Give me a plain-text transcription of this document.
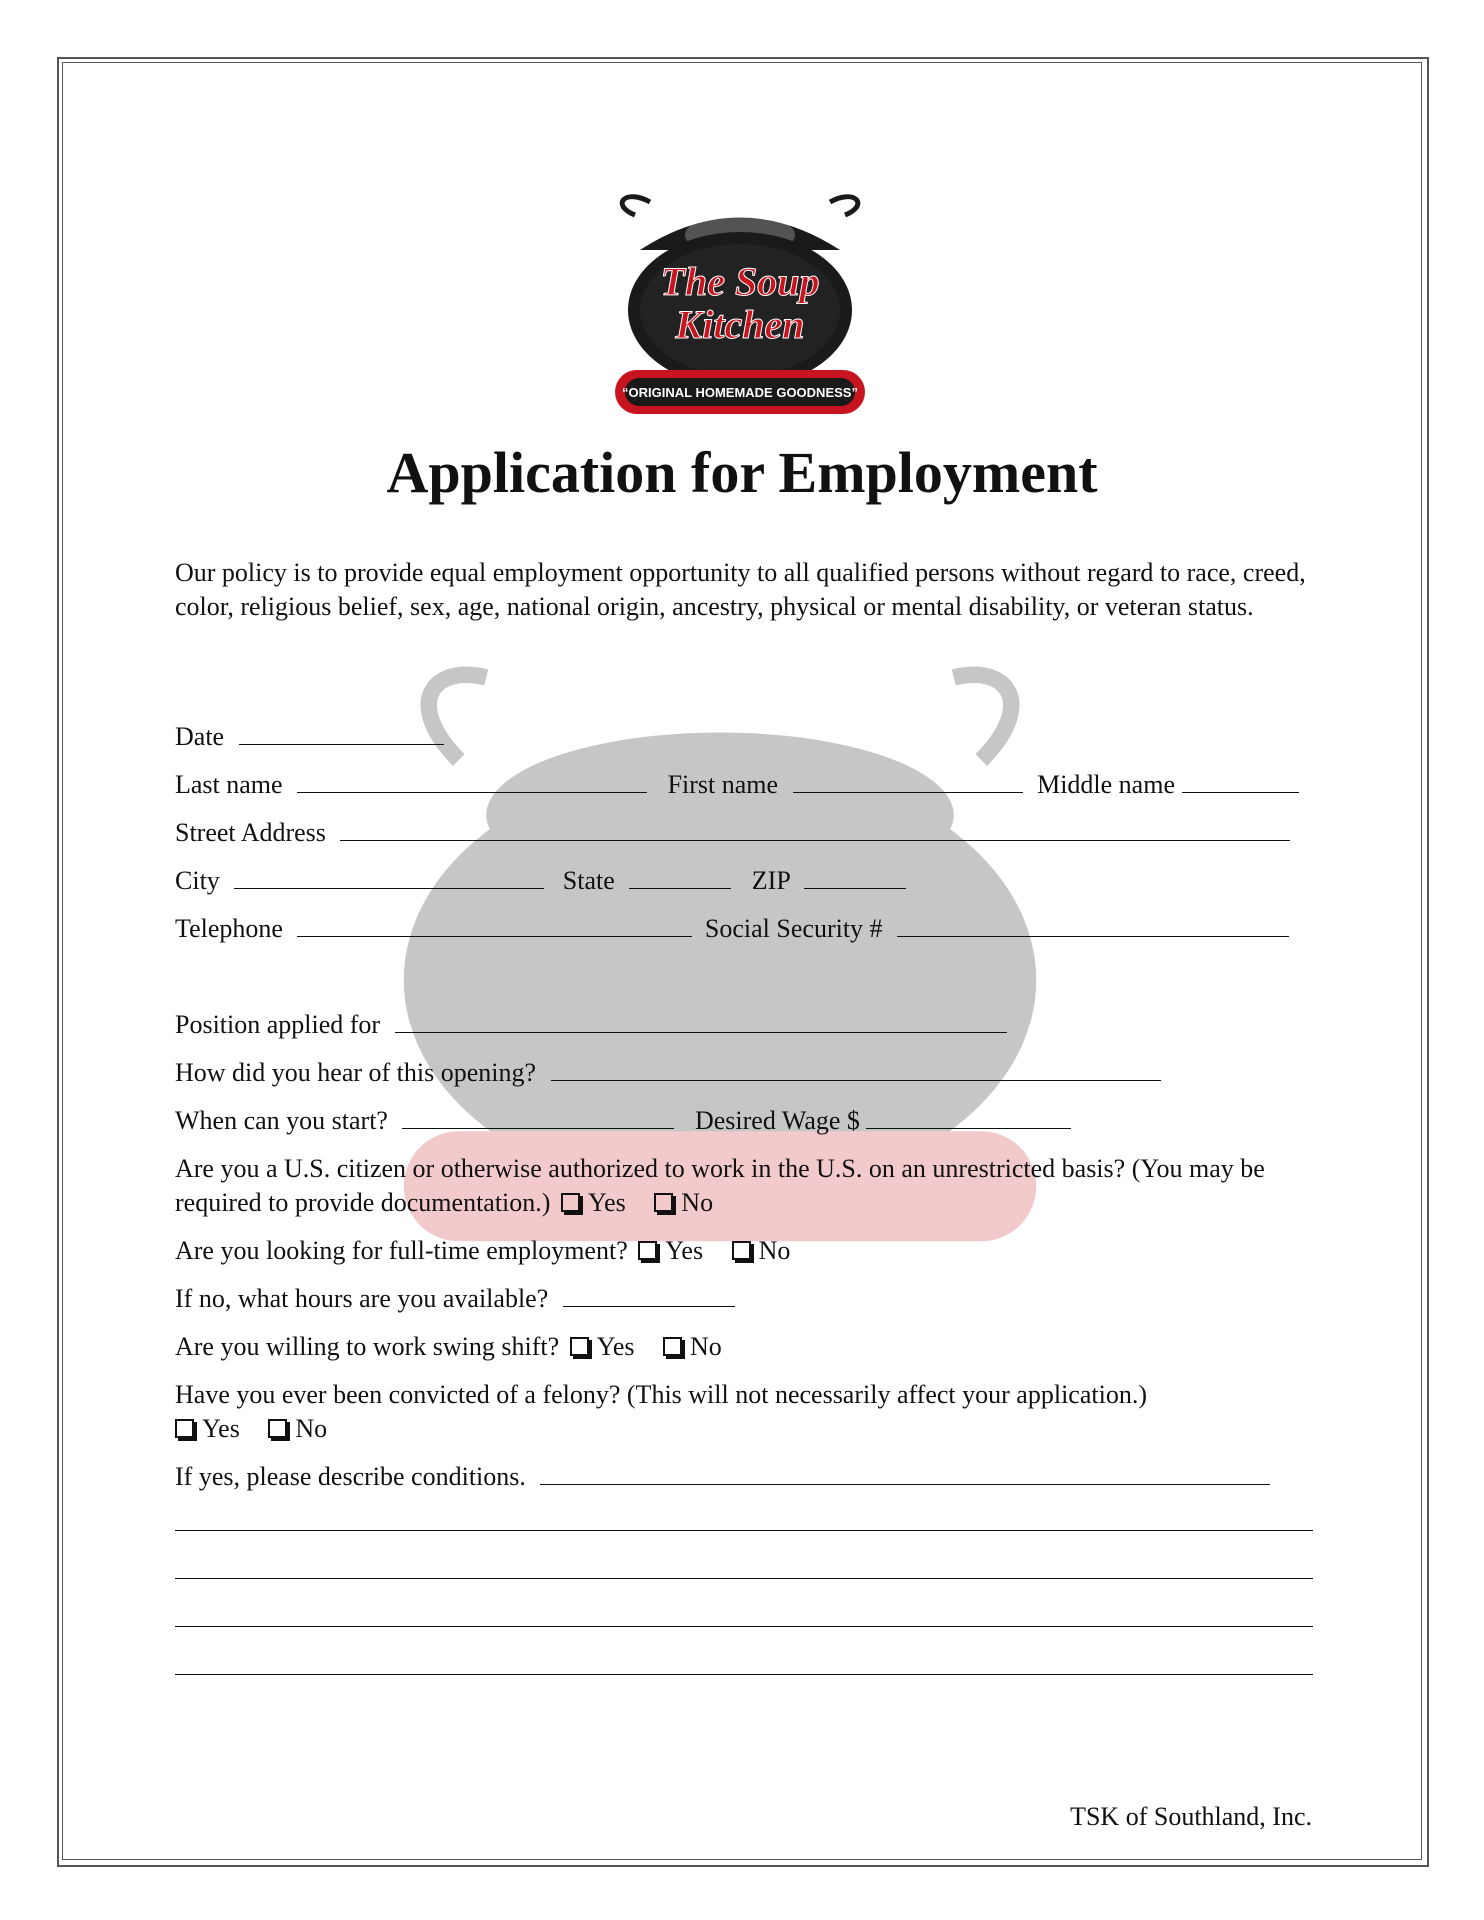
The Soup
Kitchen
“ORIGINAL HOMEMADE GOODNESS”
Application for Employment

Our policy is to provide equal employment opportunity to all qualified persons without regard to race, creed, color, religious belief, sex, age, national origin, ancestry, physical or mental disability, or veteran status.

Date
Last name	First name	Middle name
Street Address
City	State	ZIP
Telephone	Social Security #
Position applied for
How did you hear of this opening?
When can you start?	Desired Wage $
Are you a U.S. citizen or otherwise authorized to work in the U.S. on an unrestricted basis? (You may be required to provide documentation.) Yes No
Are you looking for full-time employment? Yes No
If no, what hours are you available?
Are you willing to work swing shift? Yes No
Have you ever been convicted of a felony? (This will not necessarily affect your application.)
Yes No
If yes, please describe conditions.
TSK of Southland, Inc.
